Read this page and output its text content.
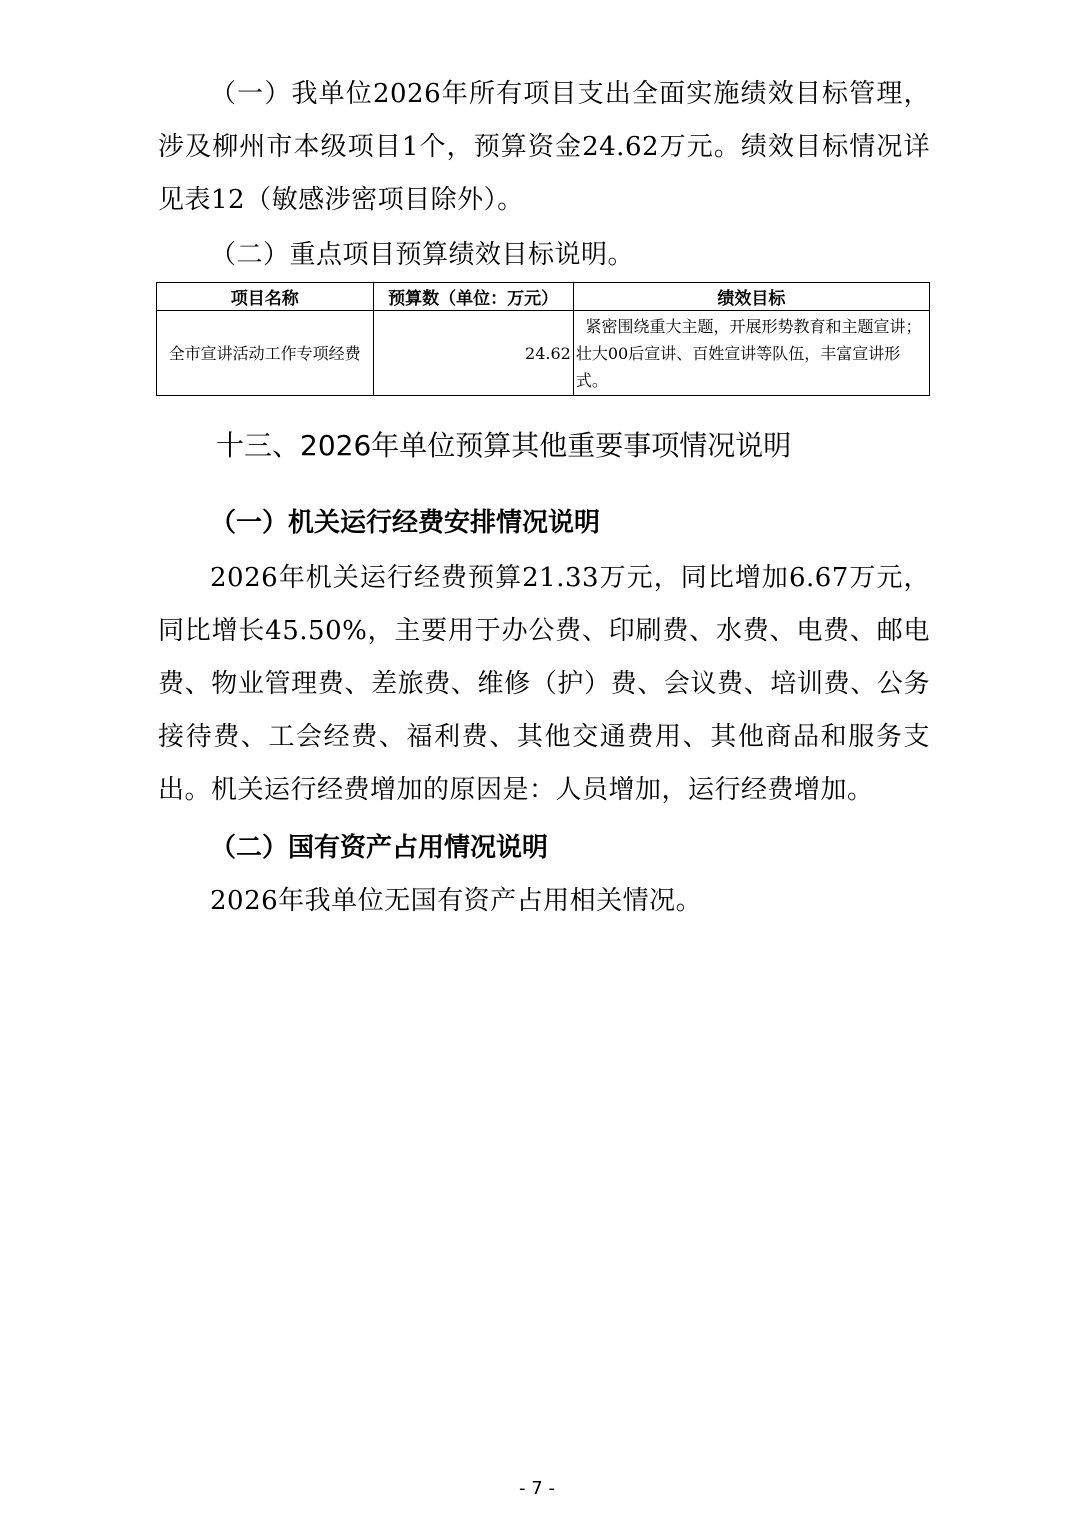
（一）我单位2026年所有项目支出全面实施绩效目标管理，涉及柳州市本级项目1个，预算资金24.62万元。绩效目标情况详见表12（敏感涉密项目除外）。

（二）重点项目预算绩效目标说明。

项目名称	预算数（单位：万元）	绩效目标
全市宣讲活动工作专项经费	24.62	紧密围绕重大主题，开展形势教育和主题宣讲；壮大00后宣讲、百姓宣讲等队伍，丰富宣讲形式。
十三、2026年单位预算其他重要事项情况说明
（一）机关运行经费安排情况说明

2026年机关运行经费预算21.33万元，同比增加6.67万元，同比增长45.50%，主要用于办公费、印刷费、水费、电费、邮电费、物业管理费、差旅费、维修（护）费、会议费、培训费、公务接待费、工会经费、福利费、其他交通费用、其他商品和服务支出。机关运行经费增加的原因是：人员增加，运行经费增加。

（二）国有资产占用情况说明

2026年我单位无国有资产占用相关情况。

- 7 -
